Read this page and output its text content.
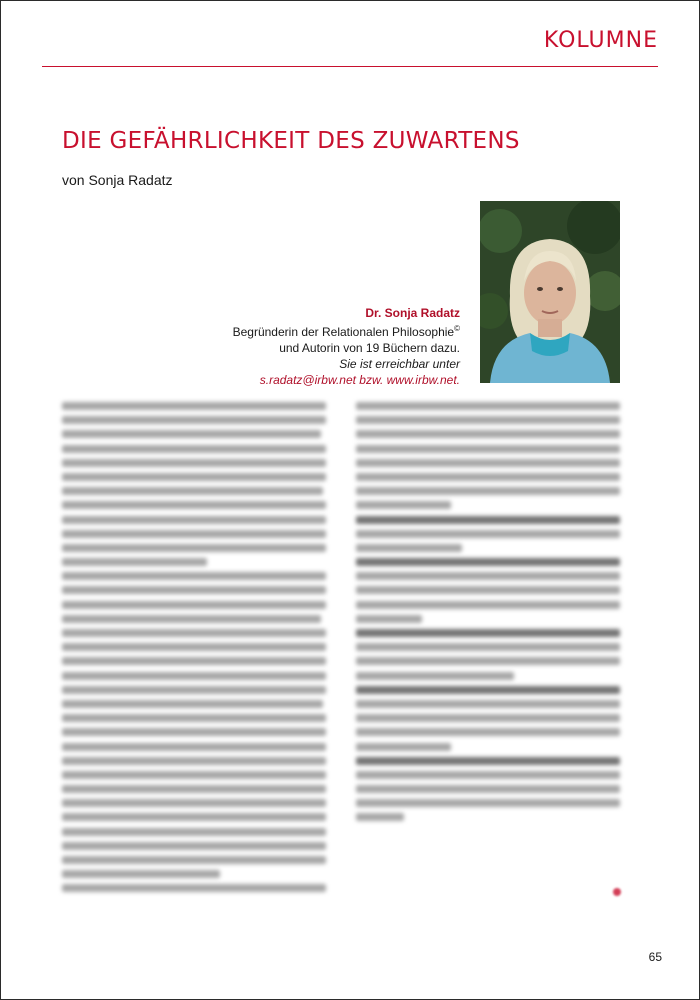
KOLUMNE
DIE GEFÄHRLICHKEIT DES ZUWARTENS
von Sonja Radatz
Dr. Sonja Radatz
Begründerin der Relationalen Philosophie©
und Autorin von 19 Büchern dazu.
Sie ist erreichbar unter
s.radatz@irbw.net bzw. www.irbw.net.
65
